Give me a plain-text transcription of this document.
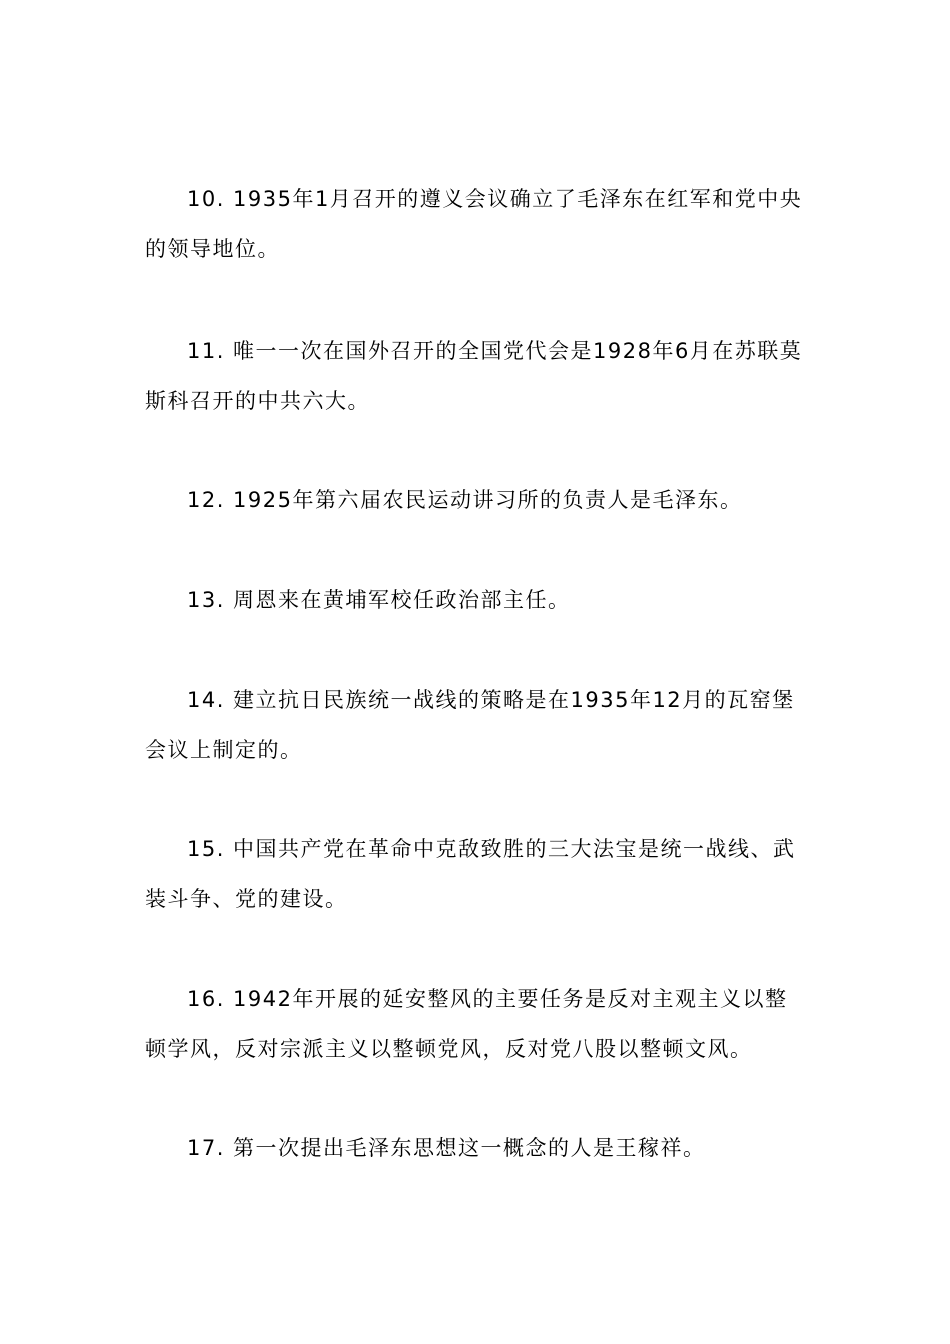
10. 1935年1月召开的遵义会议确立了毛泽东在红军和党中央的领导地位。

11. 唯一一次在国外召开的全国党代会是1928年6月在苏联莫斯科召开的中共六大。

12. 1925年第六届农民运动讲习所的负责人是毛泽东。

13. 周恩来在黄埔军校任政治部主任。

14. 建立抗日民族统一战线的策略是在1935年12月的瓦窑堡会议上制定的。

15. 中国共产党在革命中克敌致胜的三大法宝是统一战线、武装斗争、党的建设。

16. 1942年开展的延安整风的主要任务是反对主观主义以整顿学风，反对宗派主义以整顿党风，反对党八股以整顿文风。

17. 第一次提出毛泽东思想这一概念的人是王稼祥。
